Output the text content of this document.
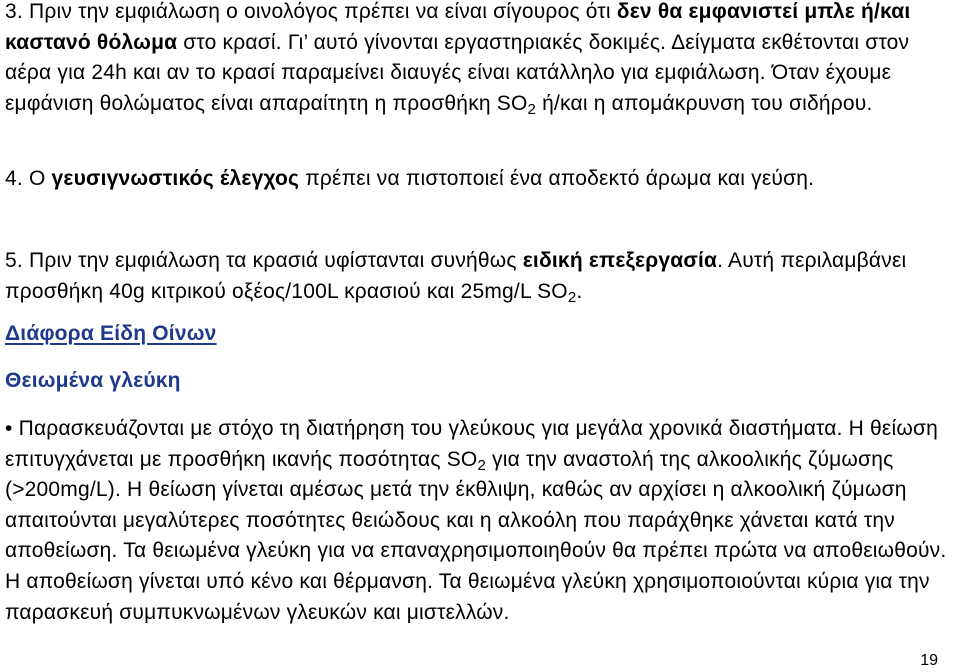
3. Πριν την εμφιάλωση ο οινολόγος πρέπει να είναι σίγουρος ότι δεν θα εμφανιστεί μπλε ή/και καστανό θόλωμα στο κρασί. Γι’ αυτό γίνονται εργαστηριακές δοκιμές. Δείγματα εκθέτονται στον αέρα για 24h και αν το κρασί παραμείνει διαυγές είναι κατάλληλο για εμφιάλωση. Όταν έχουμε εμφάνιση θολώματος είναι απαραίτητη η προσθήκη $SO_2$ ή/και η απομάκρυνση του σιδήρου.

4. Ο γευσιγνωστικός έλεγχος πρέπει να πιστοποιεί ένα αποδεκτό άρωμα και γεύση.

5. Πριν την εμφιάλωση τα κρασιά υφίστανται συνήθως ειδική επεξεργασία. Αυτή περιλαμβάνει προσθήκη 40g κιτρικού οξέος/100L κρασιού και 25mg/L $SO_2$.

Διάφορα Είδη Οίνων

Θειωμένα γλεύκη

• Παρασκευάζονται με στόχο τη διατήρηση του γλεύκους για μεγάλα χρονικά διαστήματα. Η θείωση επιτυγχάνεται με προσθήκη ικανής ποσότητας $SO_2$ για την αναστολή της αλκοολικής ζύμωσης (>200mg/L). Η θείωση γίνεται αμέσως μετά την έκθλιψη, καθώς αν αρχίσει η αλκοολική ζύμωση απαιτούνται μεγαλύτερες ποσότητες θειώδους και η αλκοόλη που παράχθηκε χάνεται κατά την αποθείωση. Τα θειωμένα γλεύκη για να επαναχρησιμοποιηθούν θα πρέπει πρώτα να αποθειωθούν. Η αποθείωση γίνεται υπό κένο και θέρμανση. Τα θειωμένα γλεύκη χρησιμοποιούνται κύρια για την παρασκευή συμπυκνωμένων γλευκών και μιστελλών.

19
